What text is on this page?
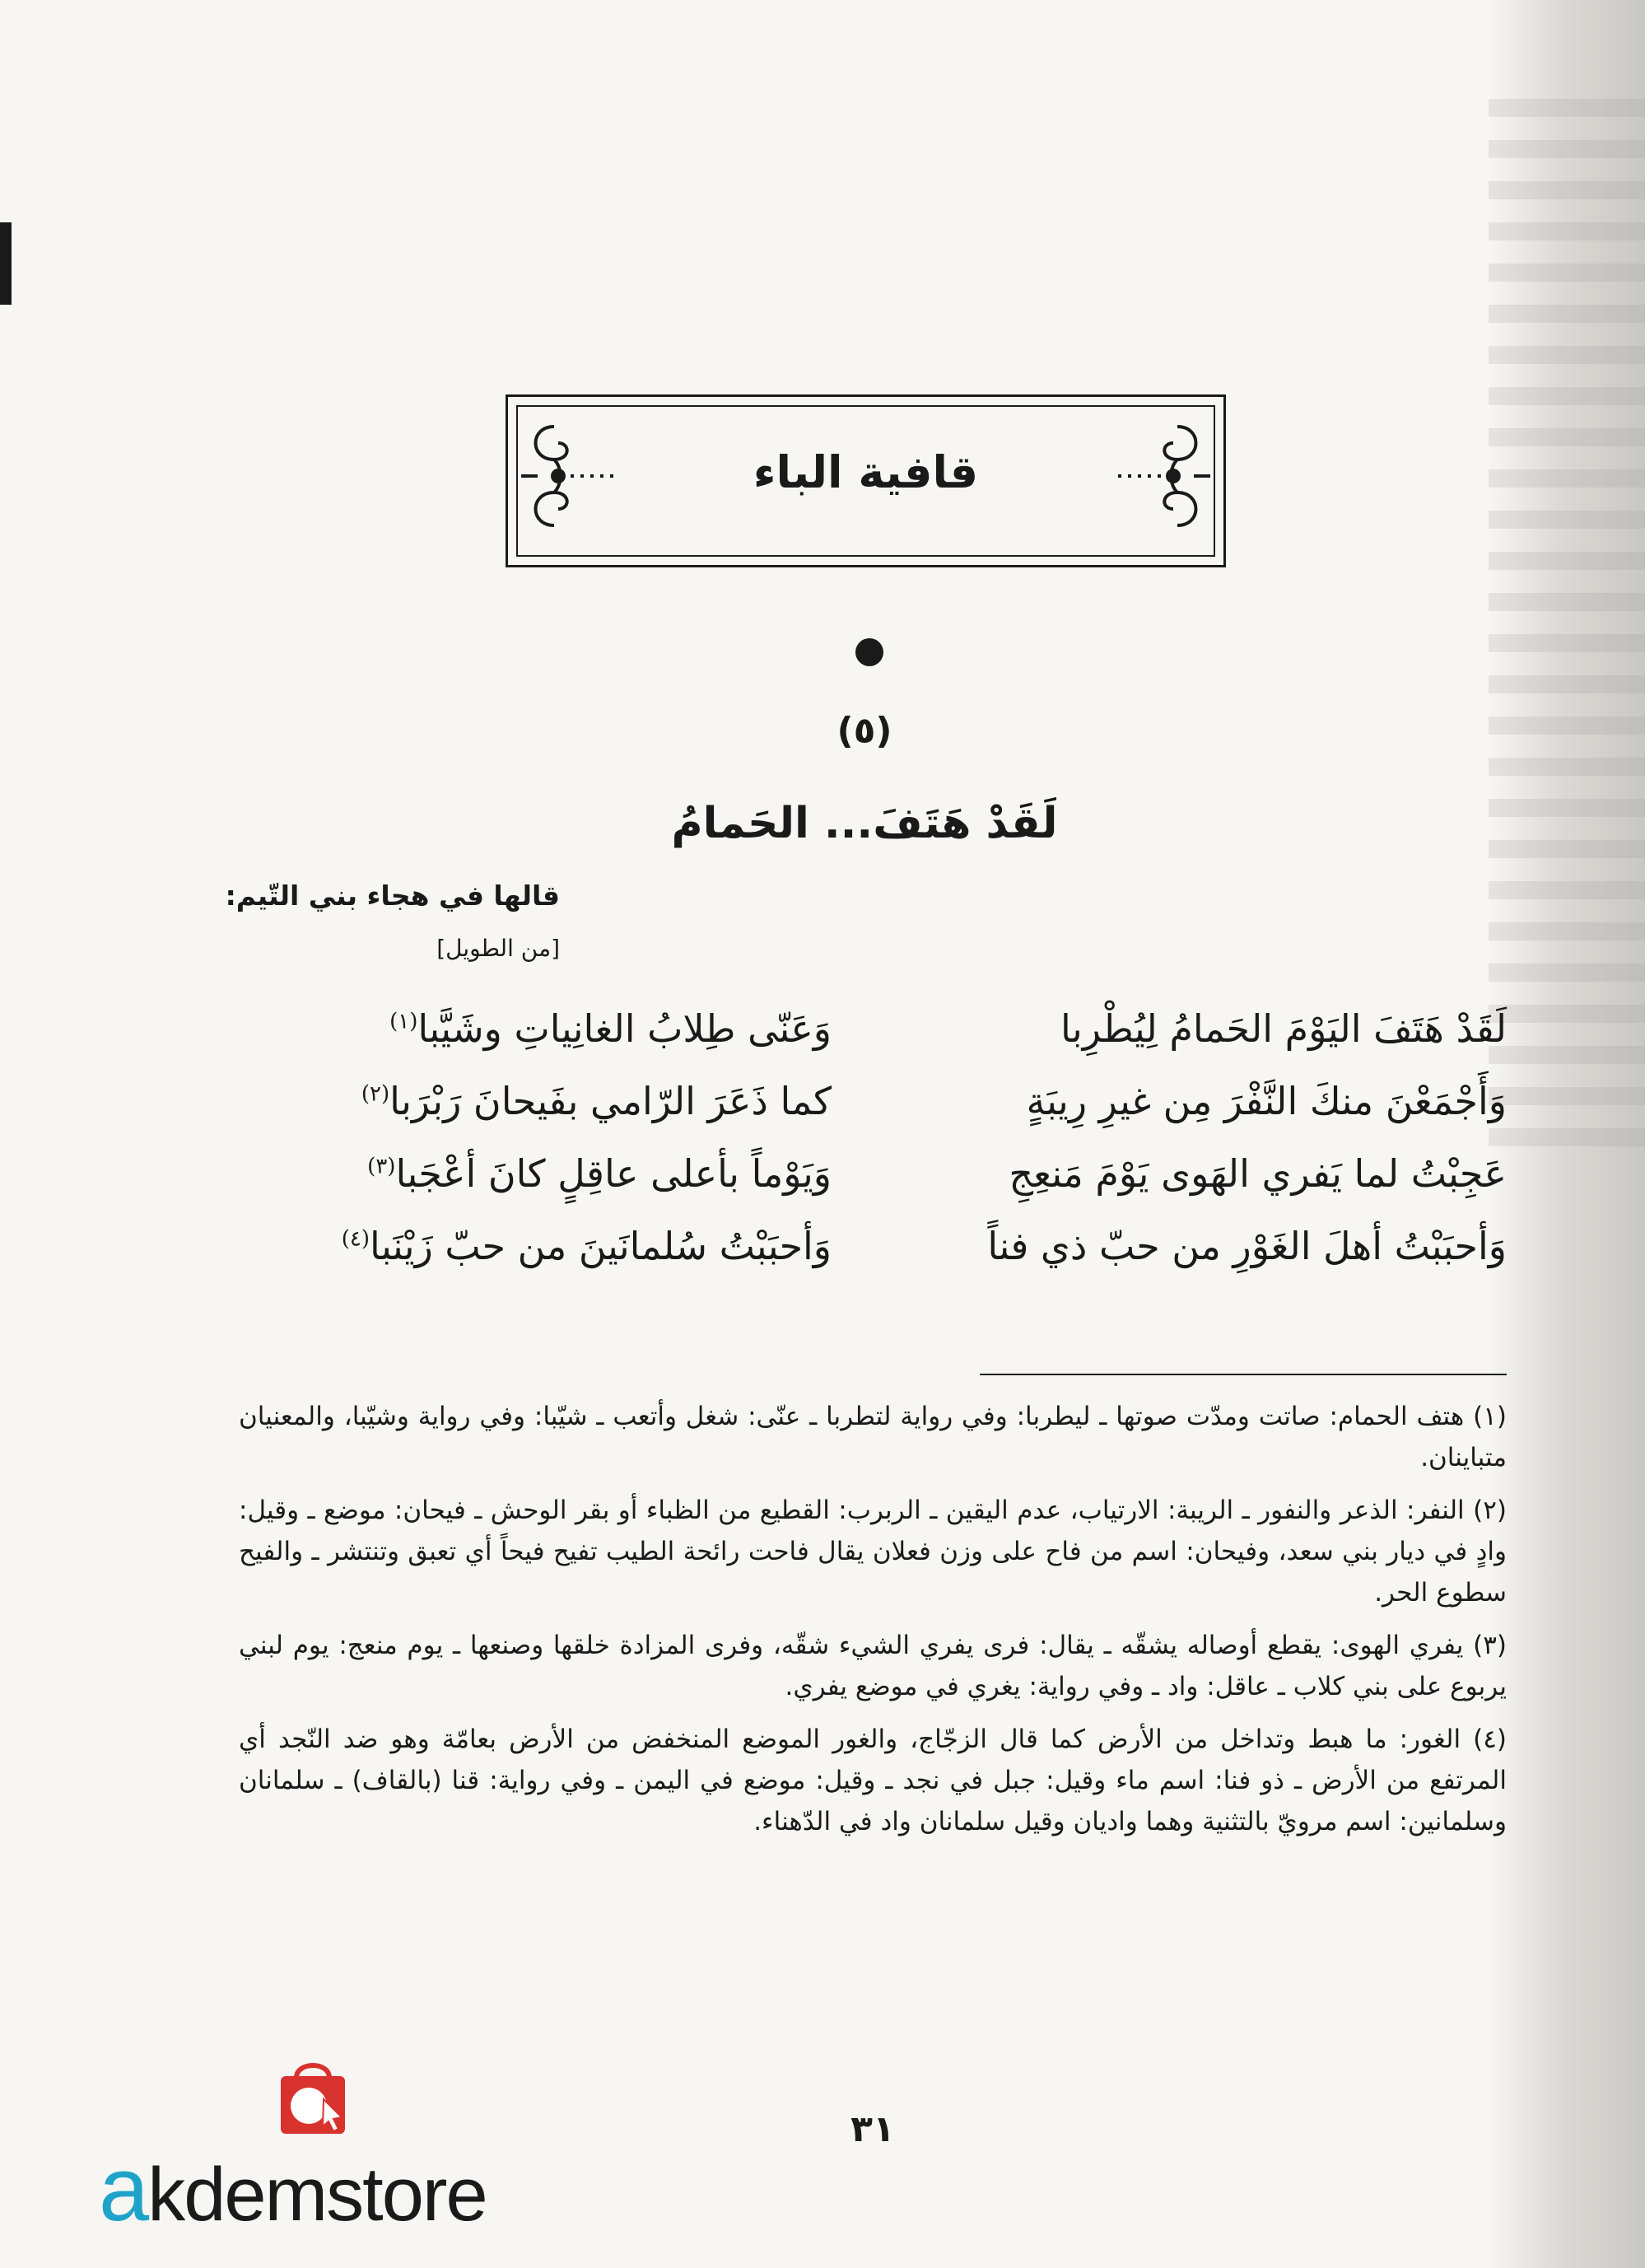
قافية الباء
(٥)
لَقَدْ هَتَفَ... الحَمامُ
قالها في هجاء بني التّيم:
[من الطويل]
لَقَدْ هَتَفَ اليَوْمَ الحَمامُ لِيُطْرِبا
وَعَنّى طِلابُ الغانِياتِ وشَيَّبا$^{(١)}$
وَأَجْمَعْنَ منكَ النَّفْرَ مِن غيرِ رِيبَةٍ
كما ذَعَرَ الرّامي بفَيحانَ رَبْرَبا$^{(٢)}$
عَجِبْتُ لما يَفري الهَوى يَوْمَ مَنعِجِ
وَيَوْماً بأعلى عاقِلٍ كانَ أعْجَبا$^{(٣)}$
وَأحبَبْتُ أهلَ الغَوْرِ من حبّ ذي فناً
وَأحبَبْتُ سُلمانَينَ من حبّ زَيْنَبا$^{(٤)}$
(١) هتف الحمام: صاتت ومدّت صوتها ـ ليطربا: وفي رواية لتطربا ـ عنّى: شغل وأتعب ـ شيّبا: وفي رواية وشيّبا، والمعنيان متباينان.
(٢) النفر: الذعر والنفور ـ الريبة: الارتياب، عدم اليقين ـ الربرب: القطيع من الظباء أو بقر الوحش ـ فيحان: موضع ـ وقيل: وادٍ في ديار بني سعد، وفيحان: اسم من فاح على وزن فعلان يقال فاحت رائحة الطيب تفيح فيحاً أي تعبق وتنتشر ـ والفيح سطوع الحر.
(٣) يفري الهوى: يقطع أوصاله يشقّه ـ يقال: فرى يفري الشيء شقّه، وفرى المزادة خلقها وصنعها ـ يوم منعج: يوم لبني يربوع على بني كلاب ـ عاقل: واد ـ وفي رواية: يغري في موضع يفري.
(٤) الغور: ما هبط وتداخل من الأرض كما قال الزجّاج، والغور الموضع المنخفض من الأرض بعامّة وهو ضد النّجد أي المرتفع من الأرض ـ ذو فنا: اسم ماء وقيل: جبل في نجد ـ وقيل: موضع في اليمن ـ وفي رواية: قنا (بالقاف) ـ سلمانان وسلمانين: اسم مرويّ بالتثنية وهما واديان وقيل سلمانان واد في الدّهناء.
٣١
akdemstore
